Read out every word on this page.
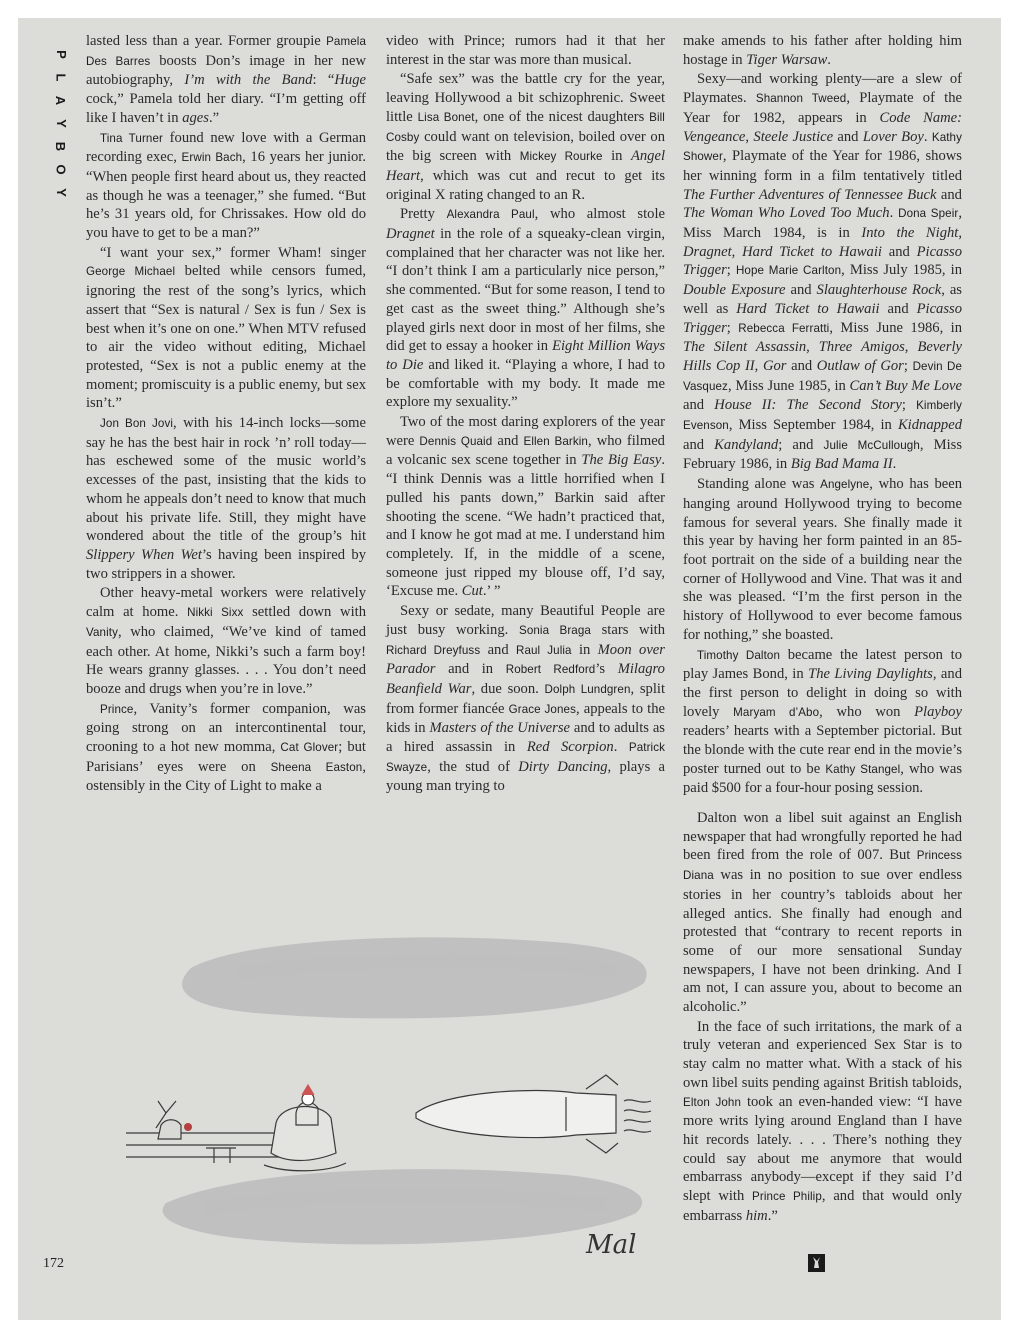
P
L
A
Y
B
O
Y

lasted less than a year. Former groupie Pamela Des Barres boosts Don’s image in her new autobiography, I’m with the Band: “Huge cock,” Pamela told her diary. “I’m getting off like I haven’t in ages.”

Tina Turner found new love with a German recording exec, Erwin Bach, 16 years her junior. “When people first heard about us, they reacted as though he was a teenager,” she fumed. “But he’s 31 years old, for Chrissakes. How old do you have to get to be a man?”

“I want your sex,” former Wham! singer George Michael belted while censors fumed, ignoring the rest of the song’s lyrics, which assert that “Sex is natural / Sex is fun / Sex is best when it’s one on one.” When MTV refused to air the video without editing, Michael protested, “Sex is not a public enemy at the moment; promiscuity is a public enemy, but sex isn’t.”

Jon Bon Jovi, with his 14-inch locks—some say he has the best hair in rock ’n’ roll today—has eschewed some of the music world’s excesses of the past, insisting that the kids to whom he appeals don’t need to know that much about his private life. Still, they might have wondered about the title of the group’s hit Slippery When Wet’s having been inspired by two strippers in a shower.

Other heavy-metal workers were relatively calm at home. Nikki Sixx settled down with Vanity, who claimed, “We’ve kind of tamed each other. At home, Nikki’s such a farm boy! He wears granny glasses. . . . You don’t need booze and drugs when you’re in love.”

Prince, Vanity’s former companion, was going strong on an intercontinental tour, crooning to a hot new momma, Cat Glover; but Parisians’ eyes were on Sheena Easton, ostensibly in the City of Light to make a

video with Prince; rumors had it that her interest in the star was more than musical.

“Safe sex” was the battle cry for the year, leaving Hollywood a bit schizophrenic. Sweet little Lisa Bonet, one of the nicest daughters Bill Cosby could want on television, boiled over on the big screen with Mickey Rourke in Angel Heart, which was cut and recut to get its original X rating changed to an R.

Pretty Alexandra Paul, who almost stole Dragnet in the role of a squeaky-clean virgin, complained that her character was not like her. “I don’t think I am a particularly nice person,” she commented. “But for some reason, I tend to get cast as the sweet thing.” Although she’s played girls next door in most of her films, she did get to essay a hooker in Eight Million Ways to Die and liked it. “Playing a whore, I had to be comfortable with my body. It made me explore my sexuality.”

Two of the most daring explorers of the year were Dennis Quaid and Ellen Barkin, who filmed a volcanic sex scene together in The Big Easy. “I think Dennis was a little horrified when I pulled his pants down,” Barkin said after shooting the scene. “We hadn’t practiced that, and I know he got mad at me. I understand him completely. If, in the middle of a scene, someone just ripped my blouse off, I’d say, ‘Excuse me. Cut.’ ”

Sexy or sedate, many Beautiful People are just busy working. Sonia Braga stars with Richard Dreyfuss and Raul Julia in Moon over Parador and in Robert Redford’s Milagro Beanfield War, due soon. Dolph Lundgren, split from former fiancée Grace Jones, appeals to the kids in Masters of the Universe and to adults as a hired assassin in Red Scorpion. Patrick Swayze, the stud of Dirty Dancing, plays a young man trying to

make amends to his father after holding him hostage in Tiger Warsaw.

Sexy—and working plenty—are a slew of Playmates. Shannon Tweed, Playmate of the Year for 1982, appears in Code Name: Vengeance, Steele Justice and Lover Boy. Kathy Shower, Playmate of the Year for 1986, shows her winning form in a film tentatively titled The Further Adventures of Tennessee Buck and The Woman Who Loved Too Much. Dona Speir, Miss March 1984, is in Into the Night, Dragnet, Hard Ticket to Hawaii and Picasso Trigger; Hope Marie Carlton, Miss July 1985, in Double Exposure and Slaughterhouse Rock, as well as Hard Ticket to Hawaii and Picasso Trigger; Rebecca Ferratti, Miss June 1986, in The Silent Assassin, Three Amigos, Beverly Hills Cop II, Gor and Outlaw of Gor; Devin De Vasquez, Miss June 1985, in Can’t Buy Me Love and House II: The Second Story; Kimberly Evenson, Miss September 1984, in Kidnapped and Kandyland; and Julie McCullough, Miss February 1986, in Big Bad Mama II.

Standing alone was Angelyne, who has been hanging around Hollywood trying to become famous for several years. She finally made it this year by having her form painted in an 85-foot portrait on the side of a building near the corner of Hollywood and Vine. That was it and she was pleased. “I’m the first person in the history of Hollywood to ever become famous for nothing,” she boasted.

Timothy Dalton became the latest person to play James Bond, in The Living Daylights, and the first person to delight in doing so with lovely Maryam d’Abo, who won Playboy readers’ hearts with a September pictorial. But the blonde with the cute rear end in the movie’s poster turned out to be Kathy Stangel, who was paid $500 for a four-hour posing session.

Dalton won a libel suit against an English newspaper that had wrongfully reported he had been fired from the role of 007. But Princess Diana was in no position to sue over endless stories in her country’s tabloids about her alleged antics. She finally had enough and protested that “contrary to recent reports in some of our more sensational Sunday newspapers, I have not been drinking. And I am not, I can assure you, about to become an alcoholic.”

In the face of such irritations, the mark of a truly veteran and experienced Sex Star is to stay calm no matter what. With a stack of his own libel suits pending against British tabloids, Elton John took an even-handed view: “I have more writs lying around England than I have hit records lately. . . . There’s nothing they could say about me anymore that would embarrass anybody—except if they said I’d slept with Prince Philip, and that would only embarrass him.”

Mal
172
